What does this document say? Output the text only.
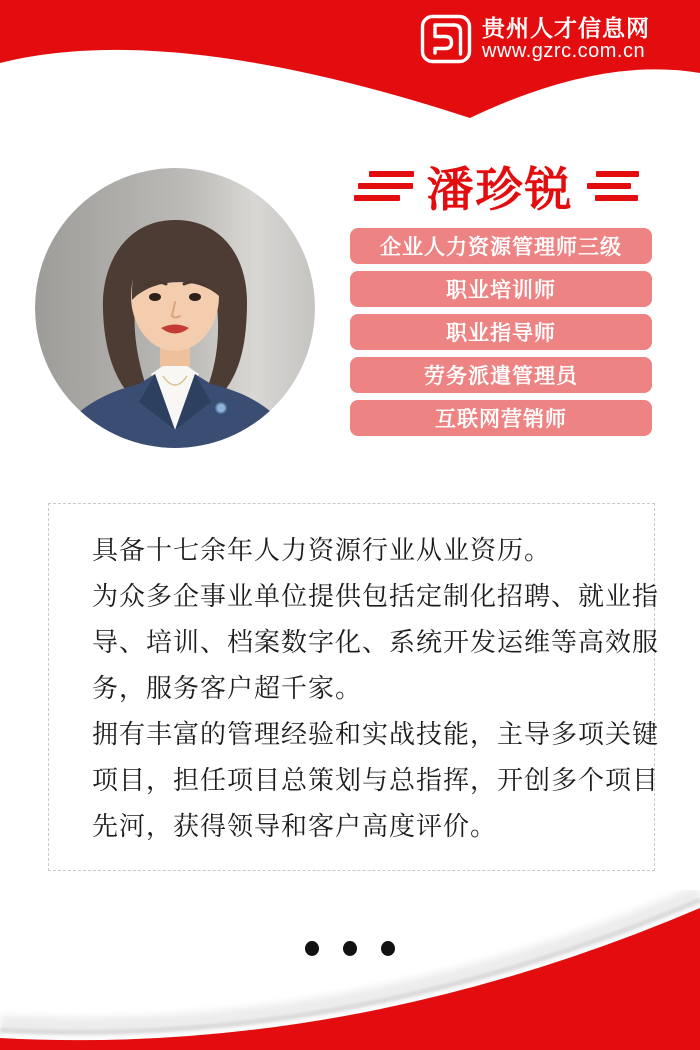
贵州人才信息网
www.gzrc.com.cn
潘珍锐
企业人力资源管理师三级
职业培训师
职业指导师
劳务派遣管理员
互联网营销师
具备十七余年人力资源行业从业资历。
为众多企事业单位提供包括定制化招聘、就业指
导、培训、档案数字化、系统开发运维等高效服
务，服务客户超千家。
拥有丰富的管理经验和实战技能，主导多项关键
项目，担任项目总策划与总指挥，开创多个项目
先河，获得领导和客户高度评价。
